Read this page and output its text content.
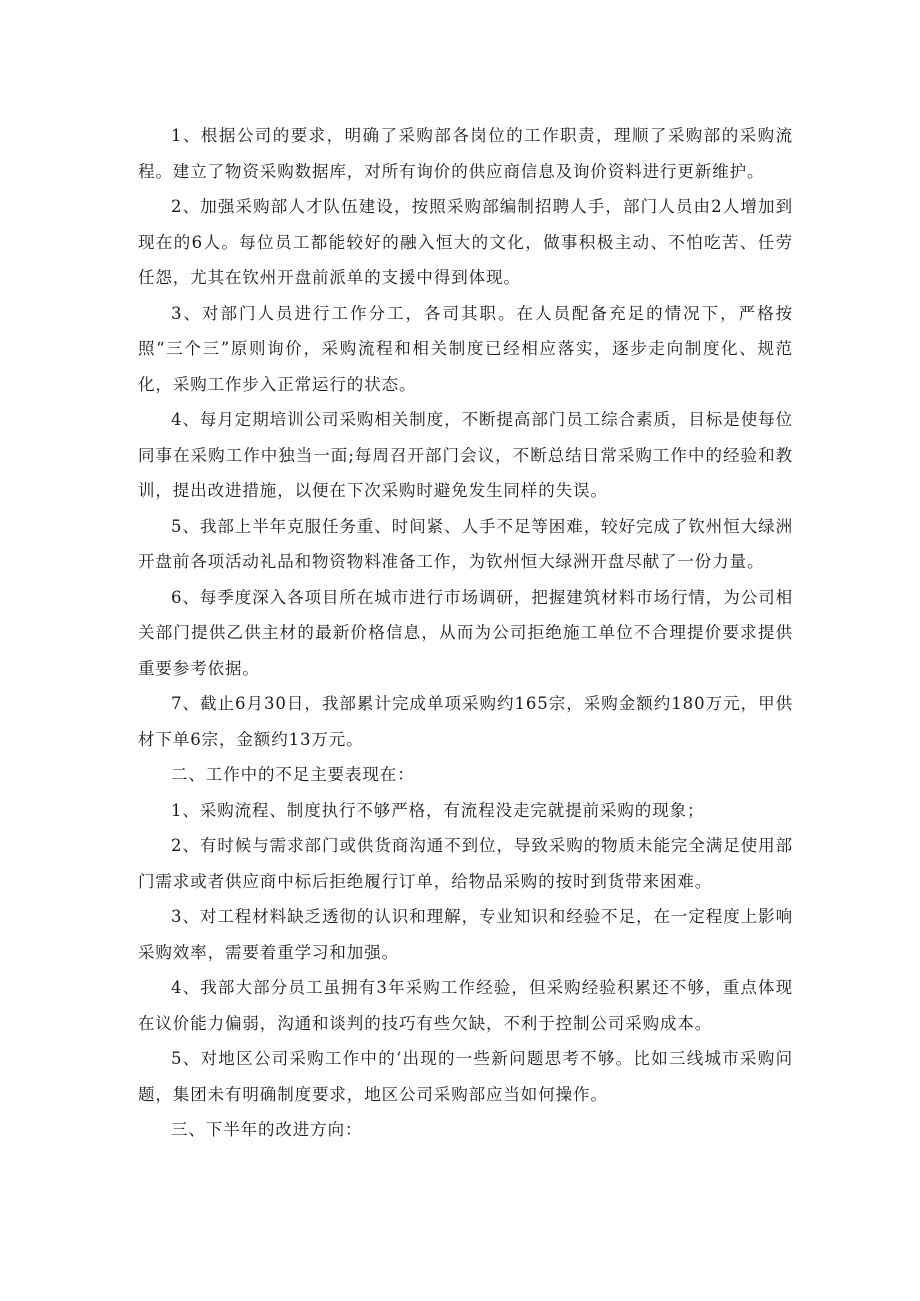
1、根据公司的要求，明确了采购部各岗位的工作职责，理顺了采购部的采购流程。建立了物资采购数据库，对所有询价的供应商信息及询价资料进行更新维护。

2、加强采购部人才队伍建设，按照采购部编制招聘人手，部门人员由2人增加到现在的6人。每位员工都能较好的融入恒大的文化，做事积极主动、不怕吃苦、任劳任怨，尤其在钦州开盘前派单的支援中得到体现。

3、对部门人员进行工作分工，各司其职。在人员配备充足的情况下，严格按照“三个三”原则询价，采购流程和相关制度已经相应落实，逐步走向制度化、规范化，采购工作步入正常运行的状态。

4、每月定期培训公司采购相关制度，不断提高部门员工综合素质，目标是使每位同事在采购工作中独当一面;每周召开部门会议，不断总结日常采购工作中的经验和教训，提出改进措施，以便在下次采购时避免发生同样的失误。

5、我部上半年克服任务重、时间紧、人手不足等困难，较好完成了钦州恒大绿洲开盘前各项活动礼品和物资物料准备工作，为钦州恒大绿洲开盘尽献了一份力量。

6、每季度深入各项目所在城市进行市场调研，把握建筑材料市场行情，为公司相关部门提供乙供主材的最新价格信息，从而为公司拒绝施工单位不合理提价要求提供重要参考依据。

7、截止6月30日，我部累计完成单项采购约165宗，采购金额约180万元，甲供材下单6宗，金额约13万元。

二、工作中的不足主要表现在：

1、采购流程、制度执行不够严格，有流程没走完就提前采购的现象；

2、有时候与需求部门或供货商沟通不到位，导致采购的物质未能完全满足使用部门需求或者供应商中标后拒绝履行订单，给物品采购的按时到货带来困难。

3、对工程材料缺乏透彻的认识和理解，专业知识和经验不足，在一定程度上影响采购效率，需要着重学习和加强。

4、我部大部分员工虽拥有3年采购工作经验，但采购经验积累还不够，重点体现在议价能力偏弱，沟通和谈判的技巧有些欠缺，不利于控制公司采购成本。

5、对地区公司采购工作中的‘出现的一些新问题思考不够。比如三线城市采购问题，集团未有明确制度要求，地区公司采购部应当如何操作。

三、下半年的改进方向：
